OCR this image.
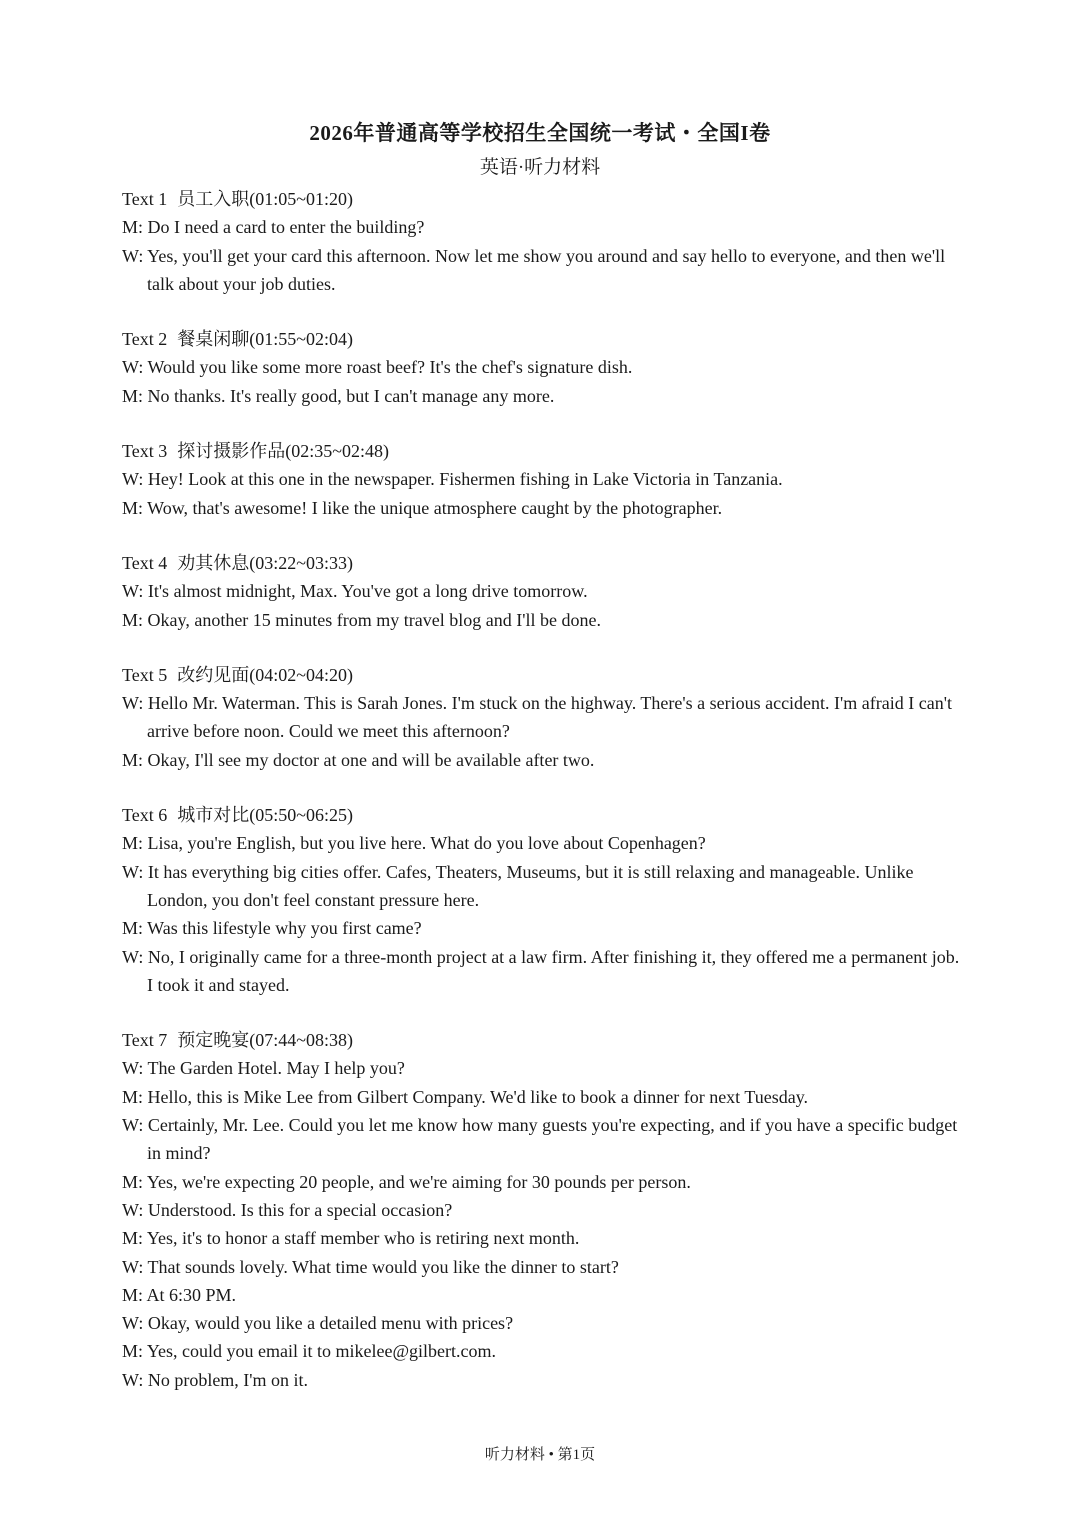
2026年普通高等学校招生全国统一考试・全国I卷
英语·听力材料
Text 1 员工入职(01:05~01:20)
M: Do I need a card to enter the building?
W: Yes, you'll get your card this afternoon. Now let me show you around and say hello to everyone, and then we'll talk about your job duties.
Text 2 餐桌闲聊(01:55~02:04)
W: Would you like some more roast beef? It's the chef's signature dish.
M: No thanks. It's really good, but I can't manage any more.
Text 3 探讨摄影作品(02:35~02:48)
W: Hey! Look at this one in the newspaper. Fishermen fishing in Lake Victoria in Tanzania.
M: Wow, that's awesome! I like the unique atmosphere caught by the photographer.
Text 4 劝其休息(03:22~03:33)
W: It's almost midnight, Max. You've got a long drive tomorrow.
M: Okay, another 15 minutes from my travel blog and I'll be done.
Text 5 改约见面(04:02~04:20)
W: Hello Mr. Waterman. This is Sarah Jones. I'm stuck on the highway. There's a serious accident. I'm afraid I can't arrive before noon. Could we meet this afternoon?
M: Okay, I'll see my doctor at one and will be available after two.
Text 6 城市对比(05:50~06:25)
M: Lisa, you're English, but you live here. What do you love about Copenhagen?
W: It has everything big cities offer. Cafes, Theaters, Museums, but it is still relaxing and manageable. Unlike London, you don't feel constant pressure here.
M: Was this lifestyle why you first came?
W: No, I originally came for a three-month project at a law firm. After finishing it, they offered me a permanent job. I took it and stayed.
Text 7 预定晚宴(07:44~08:38)
W: The Garden Hotel. May I help you?
M: Hello, this is Mike Lee from Gilbert Company. We'd like to book a dinner for next Tuesday.
W: Certainly, Mr. Lee. Could you let me know how many guests you're expecting, and if you have a specific budget in mind?
M: Yes, we're expecting 20 people, and we're aiming for 30 pounds per person.
W: Understood. Is this for a special occasion?
M: Yes, it's to honor a staff member who is retiring next month.
W: That sounds lovely. What time would you like the dinner to start?
M: At 6:30 PM.
W: Okay, would you like a detailed menu with prices?
M: Yes, could you email it to mikelee@gilbert.com.
W: No problem, I'm on it.
听力材料 • 第1页
